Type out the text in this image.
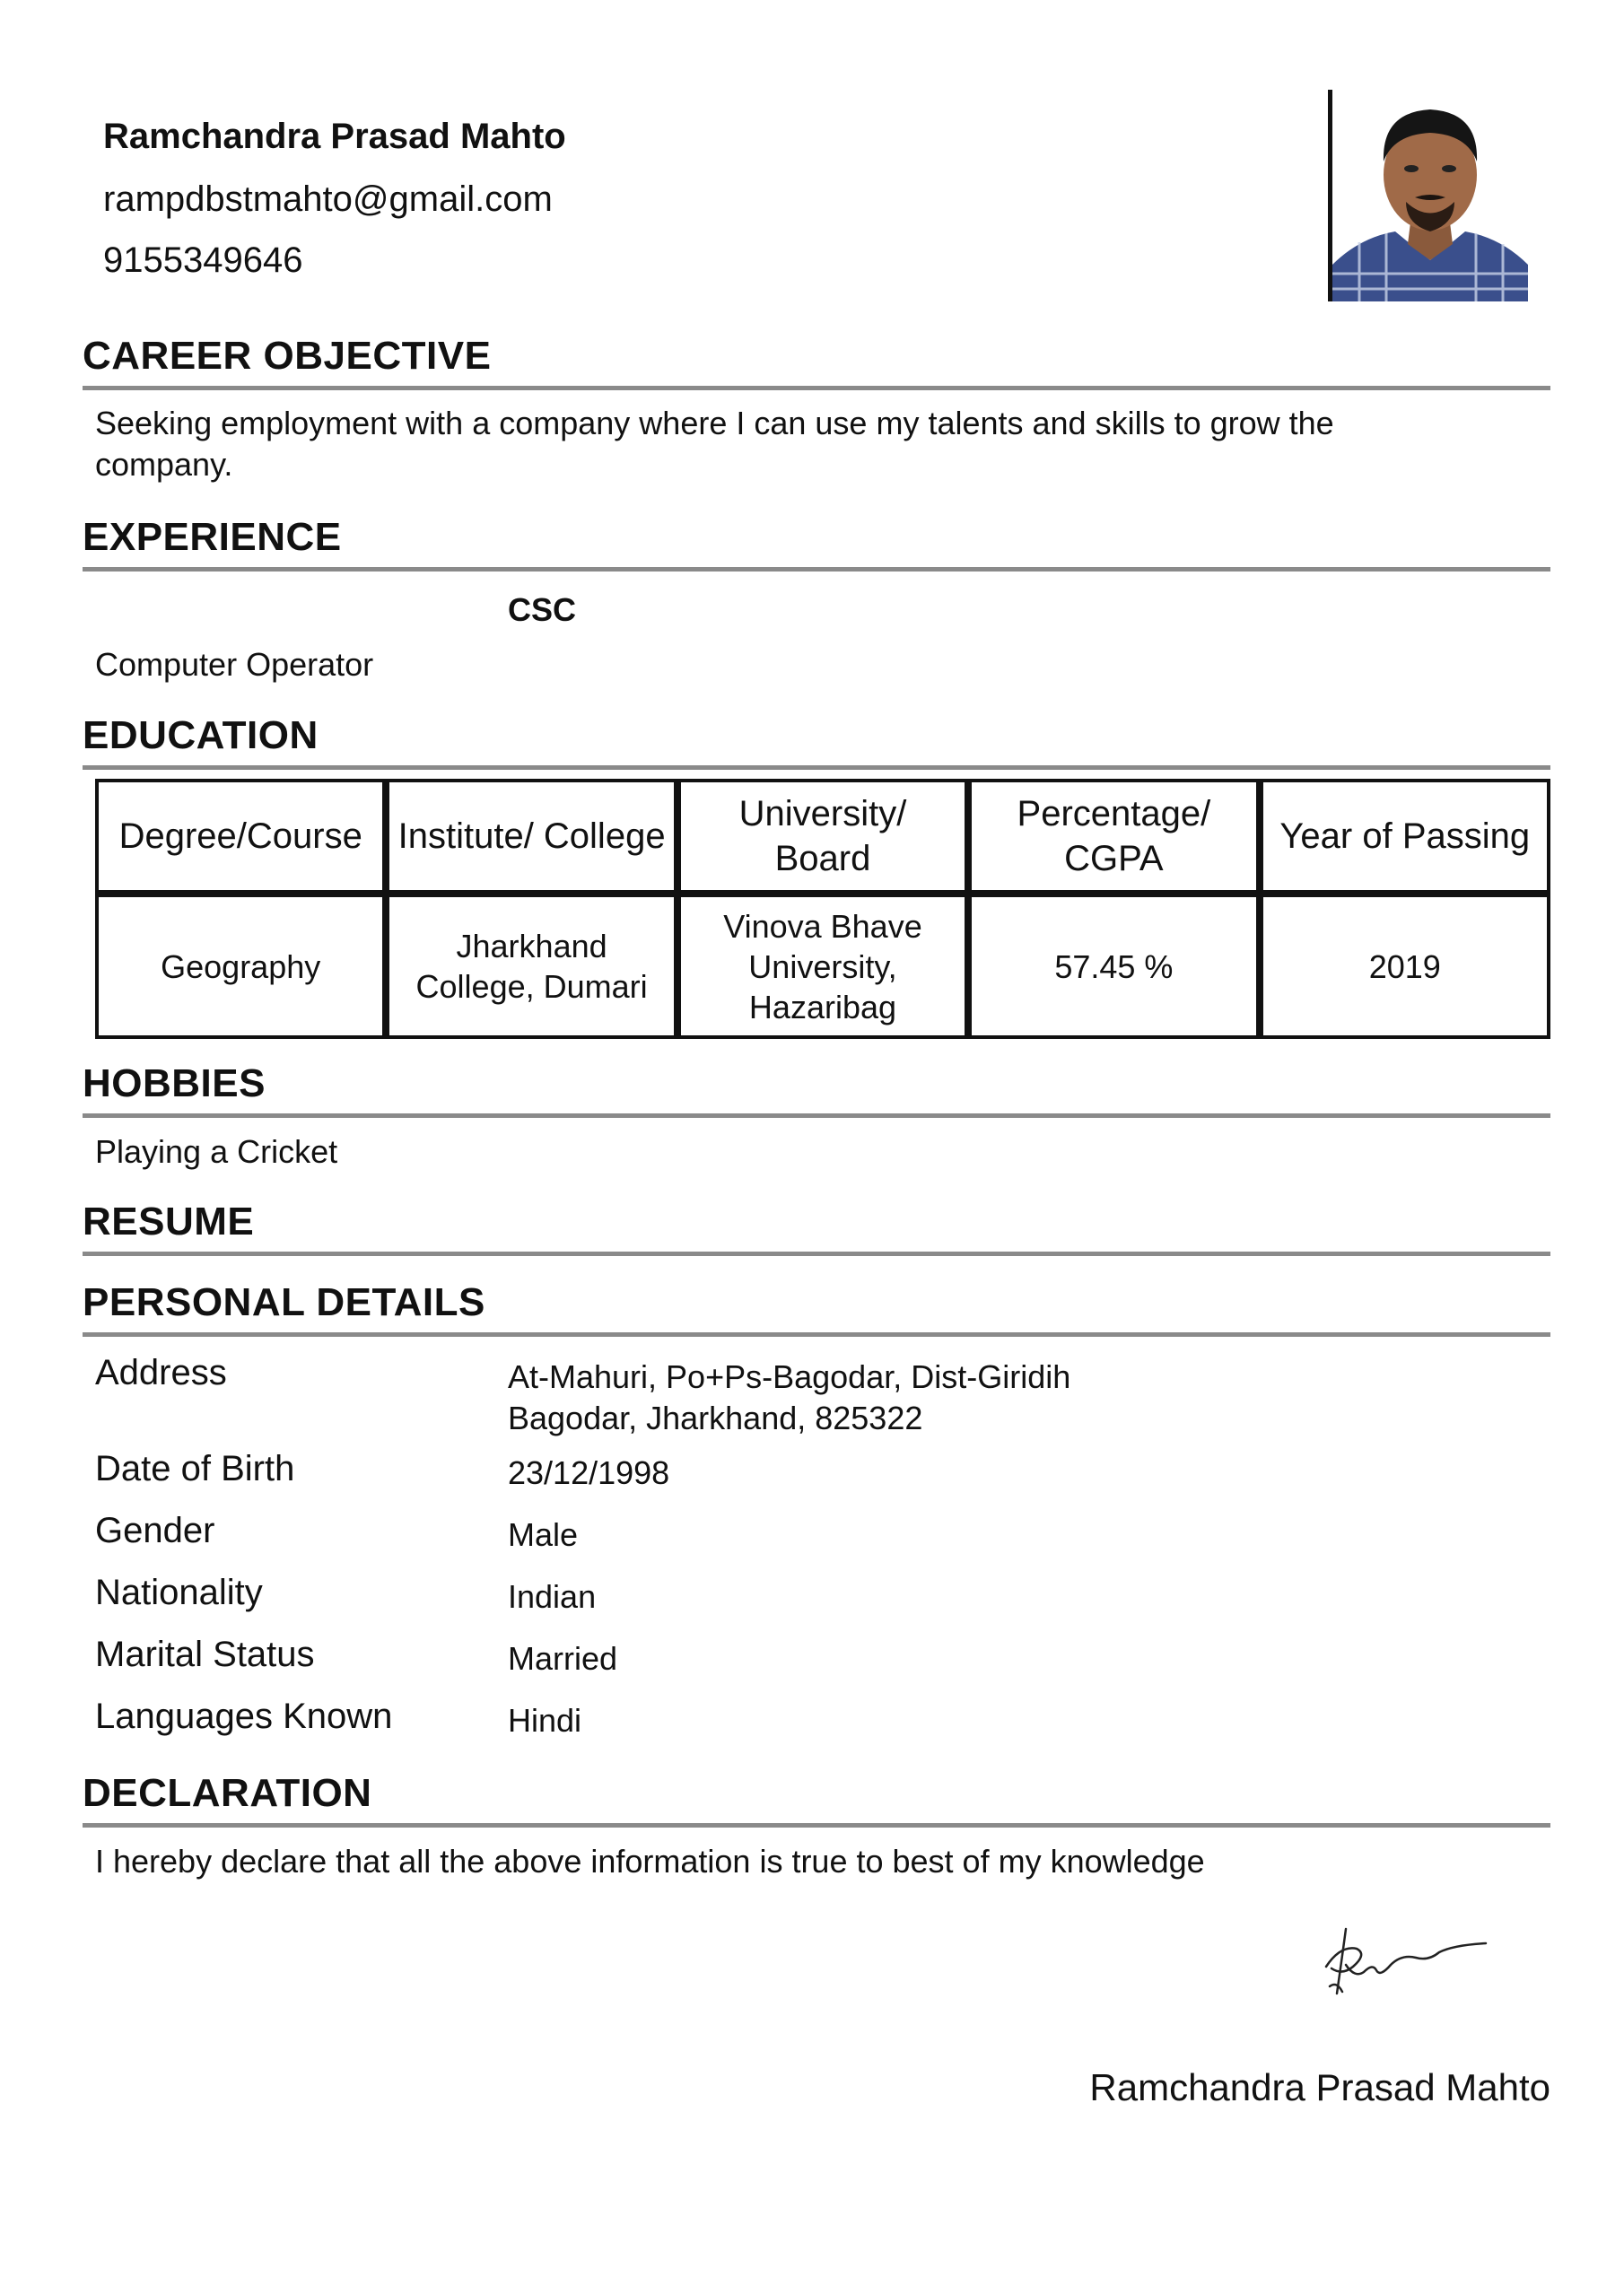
Ramchandra Prasad Mahto
rampdbstmahto@gmail.com
9155349646
CAREER OBJECTIVE
Seeking employment with a company where I can use my talents and skills to grow the
company.
EXPERIENCE
CSC
Computer Operator
EDUCATION
Degree/Course	Institute/ College	University/ Board	Percentage/ CGPA	Year of Passing
Geography	Jharkhand College, Dumari	Vinova Bhave University, Hazaribag	57.45 %	2019
HOBBIES
Playing a Cricket
RESUME
PERSONAL DETAILS
Address	At-Mahuri, Po+Ps-Bagodar, Dist-Giridih
Bagodar, Jharkhand, 825322
Date of Birth	23/12/1998
Gender	Male
Nationality	Indian
Marital Status	Married
Languages Known	Hindi
DECLARATION
I hereby declare that all the above information is true to best of my knowledge
Ramchandra Prasad Mahto
